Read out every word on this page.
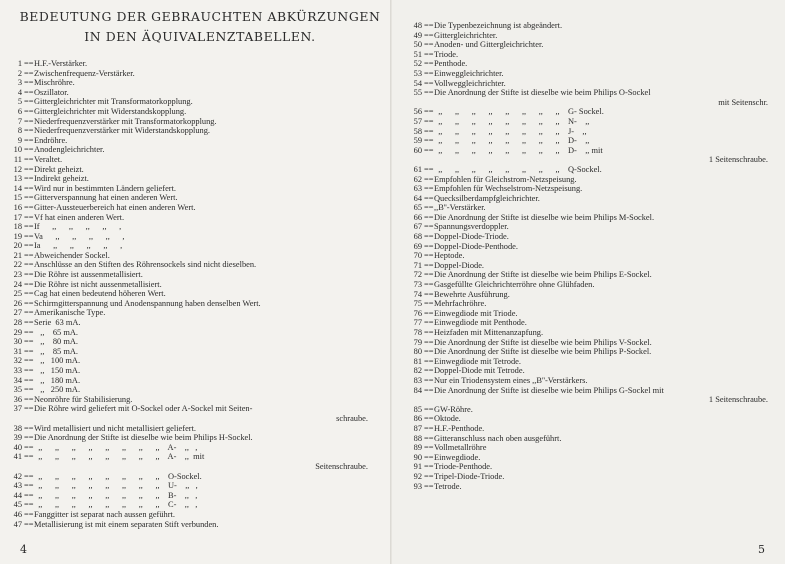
BEDEUTUNG DER GEBRAUCHTEN ABKÜRZUNGEN
IN DEN ÄQUIVALENZTABELLEN.
1 == H.F.-Verstärker.
2 == Zwischenfrequenz-Verstärker.
3 == Mischröhre.
4 == Oszillator.
5 == Gittergleichrichter mit Transformatorkopplung.
6 == Gittergleichrichter mit Widerstandskopplung.
7 == Niederfrequenzverstärker mit Transformatorkopplung.
8 == Niederfrequenzverstärker mit Widerstandskopplung.
9 == Endröhre.
10 == Anodengleichrichter.
11 == Veraltet.
12 == Direkt geheizt.
13 == Indirekt geheizt.
14 == Wird nur in bestimmten Ländern geliefert.
15 == Gitterverspannung hat einen anderen Wert.
16 == Gitter-Aussteuerbereich hat einen anderen Wert.
17 == Vf hat einen anderen Wert.
18 == If      ,,      ,,      ,,      ,,      ,
19 == Va      ,,      ,,      ,,      ,,      ,
20 == Ia      ,,      ,,      ,,      ,,      ,
21 == Abweichender Sockel.
22 == Anschlüsse an den Stiften des Röhrensockels sind nicht dieselben.
23 == Die Röhre ist aussenmetallisiert.
24 == Die Röhre ist nicht aussenmetallisiert.
25 == Cag hat einen bedeutend höheren Wert.
26 == Schirmgitterspannung und Anodenspannung haben denselben Wert.
27 == Amerikanische Type.
28 == Serie  63 mA.
29 == ,,    65 mA.
30 == ,,    80 mA.
31 == ,,    85 mA.
32 == ,,   100 mA.
33 == ,,   150 mA.
34 == ,,   180 mA.
35 == ,,   250 mA.
36 == Neonröhre für Stabilisierung.
37 == Die Röhre wird geliefert mit O-Sockel oder A-Sockel mit Seiten-
schraube.
38 == Wird metallisiert und nicht metallisiert geliefert.
39 == Die Anordnung der Stifte ist dieselbe wie beim Philips H-Sockel.
40 == ,,      ,,      ,,      ,,      ,,      ,,      ,,      ,,    A-    ,,   ,
41 == ,,      ,,      ,,      ,,      ,,      ,,      ,,      ,,    A-    ,,  mit
Seitenschraube.
42 == ,,      ,,      ,,      ,,      ,,      ,,      ,,      ,,    O-Sockel.
43 == ,,      ,,      ,,      ,,      ,,      ,,      ,,      ,,    U-    ,,   ,
44 == ,,      ,,      ,,      ,,      ,,      ,,      ,,      ,,    B-    ,,   ,
45 == ,,      ,,      ,,      ,,      ,,      ,,      ,,      ,,    C-    ,,   ,
46 == Fanggitter ist separat nach aussen geführt.
47 == Metallisierung ist mit einem separaten Stift verbunden.
4
48 == Die Typenbezeichnung ist abgeändert.
49 == Gittergleichrichter.
50 == Anoden- und Gittergleichrichter.
51 == Triode.
52 == Penthode.
53 == Einweggleichrichter.
54 == Vollweggleichrichter.
55 == Die Anordnung der Stifte ist dieselbe wie beim Philips O-Sockel
mit Seitenschr.
56 == ,,      ,,      ,,      ,,      ,,      ,,      ,,      ,,    G- Sockel.
57 == ,,      ,,      ,,      ,,      ,,      ,,      ,,      ,,    N-    ,,
58 == ,,      ,,      ,,      ,,      ,,      ,,      ,,      ,,    J-    ,,
59 == ,,      ,,      ,,      ,,      ,,      ,,      ,,      ,,    D-    ,,
60 == ,,      ,,      ,,      ,,      ,,      ,,      ,,      ,,    D-    ,, mit
1 Seitenschraube.
61 == ,,      ,,      ,,      ,,      ,,      ,,      ,,      ,,    Q-Sockel.
62 == Empfohlen für Gleichstrom-Netzspeisung.
63 == Empfohlen für Wechselstrom-Netzspeisung.
64 == Quecksilberdampfgleichrichter.
65 == ,,B''-Verstärker.
66 == Die Anordnung der Stifte ist dieselbe wie beim Philips M-Sockel.
67 == Spannungsverdoppler.
68 == Doppel-Diode-Triode.
69 == Doppel-Diode-Penthode.
70 == Heptode.
71 == Doppel-Diode.
72 == Die Anordnung der Stifte ist dieselbe wie beim Philips E-Sockel.
73 == Gasgefüllte Gleichrichterröhre ohne Glühfaden.
74 == Bewehrte Ausführung.
75 == Mehrfachröhre.
76 == Einwegdiode mit Triode.
77 == Einwegdiode mit Penthode.
78 == Heizfaden mit Mittenanzapfung.
79 == Die Anordnung der Stifte ist dieselbe wie beim Philips V-Sockel.
80 == Die Anordnung der Stifte ist dieselbe wie beim Philips P-Sockel.
81 == Einwegdiode mit Tetrode.
82 == Doppel-Diode mit Tetrode.
83 == Nur ein Triodensystem eines ,,B''-Verstärkers.
84 == Die Anordnung der Stifte ist dieselbe wie beim Philips G-Sockel mit
1 Seitenschraube.
85 == GW-Röhre.
86 == Oktode.
87 == H.F.-Penthode.
88 == Gitteranschluss nach oben ausgeführt.
89 == Vollmetallröhre
90 == Einwegdiode.
91 == Triode-Penthode.
92 == Tripel-Diode-Triode.
93 == Tetrode.
5
